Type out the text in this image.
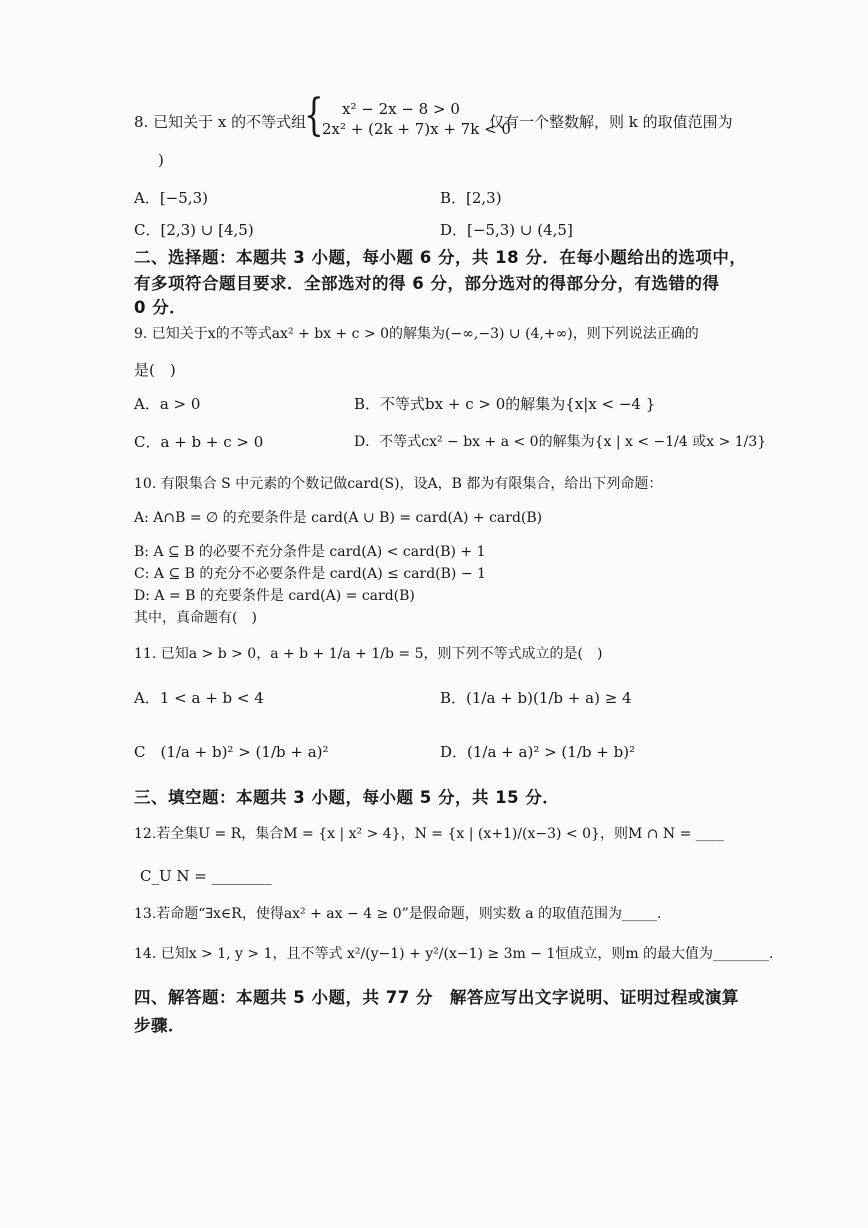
8. 已知关于 x 的不等式组
{ x² − 2x − 8 > 0
2x² + (2k + 7)x + 7k < 0
仅有一个整数解，则 k 的取值范围为
)
A．[−5,3)	B．[2,3)
C．[2,3) ∪ [4,5)	D．[−5,3) ∪ (4,5]
二、选择题：本题共 3 小题，每小题 6 分，共 18 分．在每小题给出的选项中，
有多项符合题目要求．全部选对的得 6 分，部分选对的得部分分，有选错的得
0 分．
9. 已知关于x的不等式ax² + bx + c > 0的解集为(−∞,−3) ∪ (4,+∞)，则下列说法正确的
是(　)
A．a > 0	B．不等式bx + c > 0的解集为{x|x < −4 }
C．a + b + c > 0	D．不等式cx² − bx + a < 0的解集为{x | x < −1/4 或x > 1/3}
10. 有限集合 S 中元素的个数记做card(S)，设A，B 都为有限集合，给出下列命题：
A: A∩B = ∅ 的充要条件是 card(A ∪ B) = card(A) + card(B)
B: A ⊆ B 的必要不充分条件是 card(A) < card(B) + 1
C: A ⊆ B 的充分不必要条件是 card(A) ≤ card(B) − 1
D: A = B 的充要条件是 card(A) = card(B)
其中，真命题有(　)
11. 已知a > b > 0，a + b + 1/a + 1/b = 5，则下列不等式成立的是(　)
A．1 < a + b < 4	B．(1/a + b)(1/b + a) ≥ 4
C　(1/a + b)² > (1/b + a)²	D．(1/a + a)² > (1/b + b)²
三、填空题：本题共 3 小题，每小题 5 分，共 15 分．
12.若全集U = R，集合M = {x | x² > 4}，N = {x | (x+1)/(x−3) < 0}，则M ∩ N = ____
C_U N = ________
13.若命题“∃x∈R，使得ax² + ax − 4 ≥ 0”是假命题，则实数 a 的取值范围为_____.
14. 已知x > 1, y > 1，且不等式 x²/(y−1) + y²/(x−1) ≥ 3m − 1恒成立，则m 的最大值为________.
四、解答题：本题共 5 小题，共 77 分　解答应写出文字说明、证明过程或演算
步骤．
